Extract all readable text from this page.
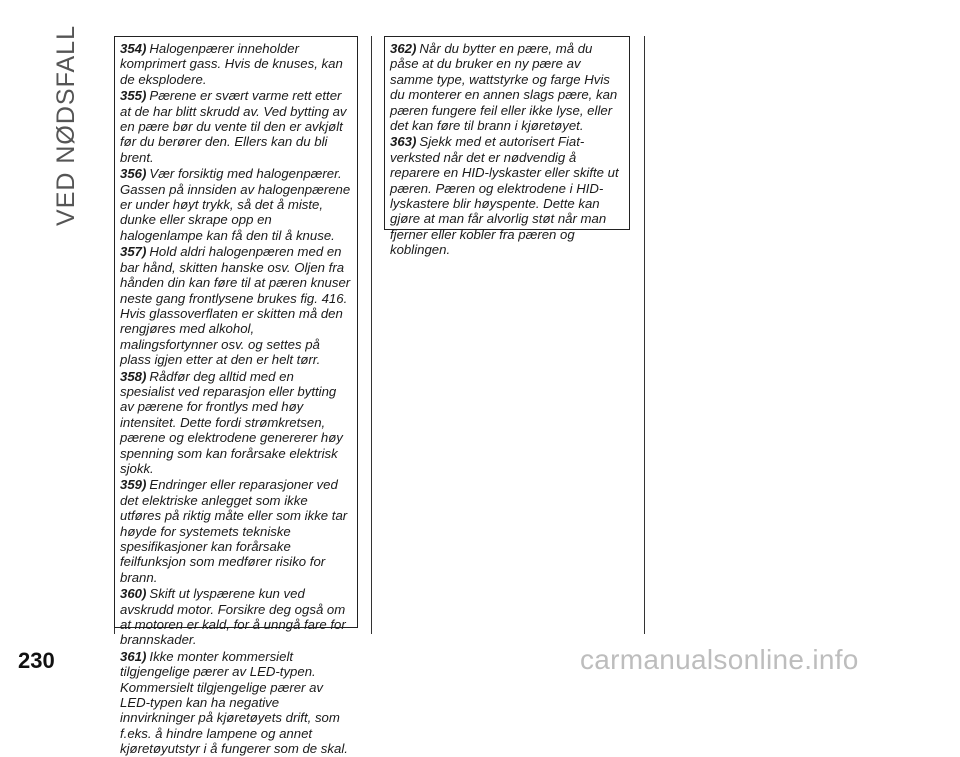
VED NØDSFALL	354) Halogenpærer inneholder komprimert gass. Hvis de knuses, kan de eksplodere.

355) Pærene er svært varme rett etter at de har blitt skrudd av. Ved bytting av en pære bør du vente til den er avkjølt før du berører den. Ellers kan du bli brent.

356) Vær forsiktig med halogenpærer. Gassen på innsiden av halogenpærene er under høyt trykk, så det å miste, dunke eller skrape opp en halogenlampe kan få den til å knuse.

357) Hold aldri halogenpæren med en bar hånd, skitten hanske osv. Oljen fra hånden din kan føre til at pæren knuser neste gang frontlysene brukes fig. 416. Hvis glassoverflaten er skitten må den rengjøres med alkohol, malingsfortynner osv. og settes på plass igjen etter at den er helt tørr.

358) Rådfør deg alltid med en spesialist ved reparasjon eller bytting av pærene for frontlys med høy intensitet. Dette fordi strømkretsen, pærene og elektrodene genererer høy spenning som kan forårsake elektrisk sjokk.

359) Endringer eller reparasjoner ved det elektriske anlegget som ikke utføres på riktig måte eller som ikke tar høyde for systemets tekniske spesifikasjoner kan forårsake feilfunksjon som medfører risiko for brann.

360) Skift ut lyspærene kun ved avskrudd motor. Forsikre deg også om at motoren er kald, for å unngå fare for brannskader.

361) Ikke monter kommersielt tilgjengelige pærer av LED-typen. Kommersielt tilgjengelige pærer av LED-typen kan ha negative innvirkninger på kjøretøyets drift, som f.eks. å hindre lampene og annet kjøretøyutstyr i å fungerer som de skal.

362) Når du bytter en pære, må du påse at du bruker en ny pære av samme type, wattstyrke og farge Hvis du monterer en annen slags pære, kan pæren fungere feil eller ikke lyse, eller det kan føre til brann i kjøretøyet.

363) Sjekk med et autorisert Fiat-verksted når det er nødvendig å reparere en HID-lyskaster eller skifte ut pæren. Pæren og elektrodene i HID-lyskastere blir høyspente. Dette kan gjøre at man får alvorlig støt når man fjerner eller kobler fra pæren og koblingen.

230	carmanualsonline.info
